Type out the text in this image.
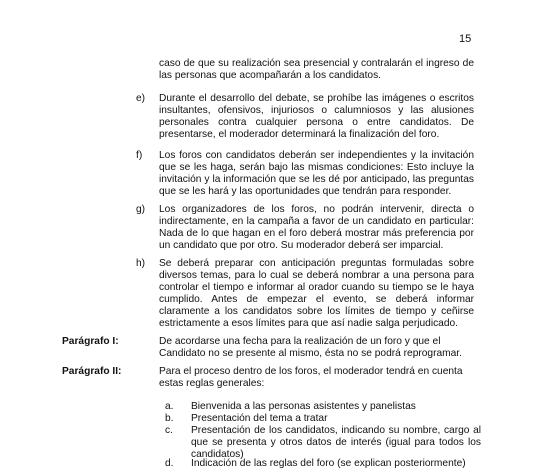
15
caso de que su realización sea presencial y contralarán el ingreso de las personas que acompañarán a los candidatos.
e) Durante el desarrollo del debate, se prohíbe las imágenes o escritos insultantes, ofensivos, injuriosos o calumniosos y las alusiones personales contra cualquier persona o entre candidatos. De presentarse, el moderador determinará la finalización del foro.
f) Los foros con candidatos deberán ser independientes y la invitación que se les haga, serán bajo las mismas condiciones: Esto incluye la invitación y la información que se les dé por anticipado, las preguntas que se les hará y las oportunidades que tendrán para responder.
g) Los organizadores de los foros, no podrán intervenir, directa o indirectamente, en la campaña a favor de un candidato en particular: Nada de lo que hagan en el foro deberá mostrar más preferencia por un candidato que por otro. Su moderador deberá ser imparcial.
h) Se deberá preparar con anticipación preguntas formuladas sobre diversos temas, para lo cual se deberá nombrar a una persona para controlar el tiempo e informar al orador cuando su tiempo se le haya cumplido. Antes de empezar el evento, se deberá informar claramente a los candidatos sobre los límites de tiempo y ceñirse estrictamente a esos límites para que así nadie salga perjudicado.
Parágrafo I:	De acordarse una fecha para la realización de un foro y que el Candidato no se presente al mismo, ésta no se podrá reprogramar.
Parágrafo II:	Para el proceso dentro de los foros, el moderador tendrá en cuenta estas reglas generales:
a. Bienvenida a las personas asistentes y panelistas
b. Presentación del tema a tratar
c. Presentación de los candidatos, indicando su nombre, cargo al que se presenta y otros datos de interés (igual para todos los candidatos)
d. Indicación de las reglas del foro (se explican posteriormente)
